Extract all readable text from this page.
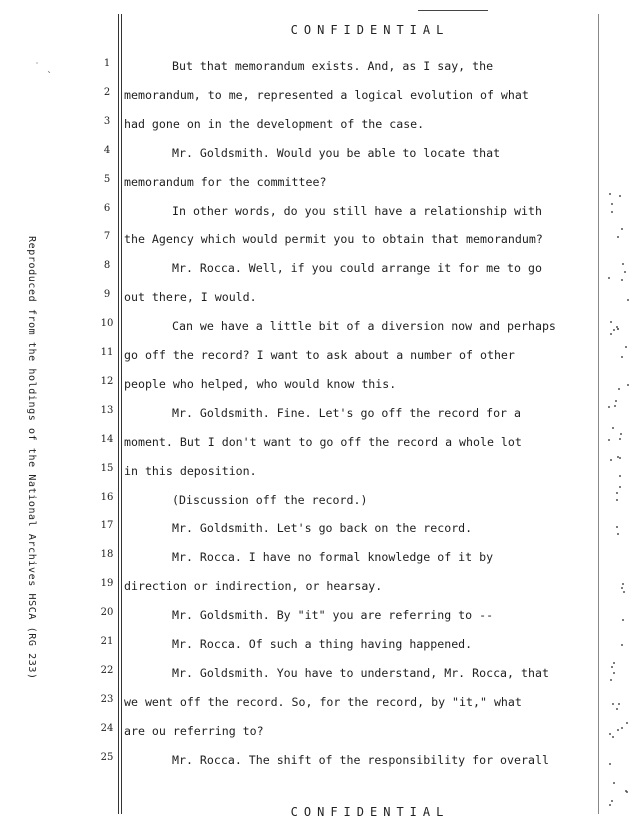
CONFIDENTIAL
˙ ˎ
Reproduced from the holdings of the National Archives HSCA (RG 233)
1	But that memorandum exists. And, as I say, the
2	memorandum, to me, represented a logical evolution of what
3	had gone on in the development of the case.
4	Mr. Goldsmith. Would you be able to locate that
5	memorandum for the committee?
6	In other words, do you still have a relationship with
7	the Agency which would permit you to obtain that memorandum?
8	Mr. Rocca. Well, if you could arrange it for me to go
9	out there, I would.
10	Can we have a little bit of a diversion now and perhaps
11 go off the record? I want to ask about a number of other
12 people who helped, who would know this.
13	Mr. Goldsmith. Fine. Let's go off the record for a
14 moment. But I don't want to go off the record a whole lot
15 in this deposition.
16	(Discussion off the record.)
17	Mr. Goldsmith. Let's go back on the record.
18	Mr. Rocca. I have no formal knowledge of it by
19 direction or indirection, or hearsay.
20	Mr. Goldsmith. By "it" you are referring to --
21	Mr. Rocca. Of such a thing having happened.
22	Mr. Goldsmith. You have to understand, Mr. Rocca, that
23 we went off the record. So, for the record, by "it," what
24 are ou referring to?
25	Mr. Rocca. The shift of the responsibility for overall
CONFIDENTIAL
